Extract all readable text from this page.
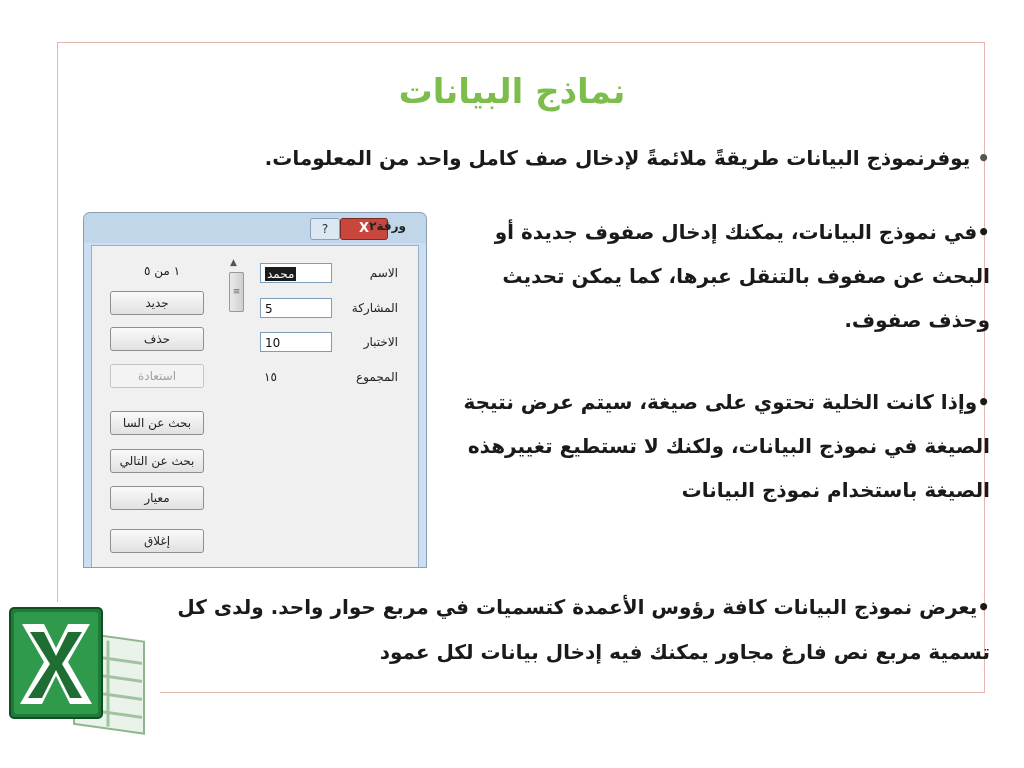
نماذج البيانات
• يوفرنموذج البيانات طريقةً ملائمةً لإدخال صف كامل واحد من المعلومات.
•في نموذج البيانات، يمكنك إدخال صفوف جديدة أو البحث عن صفوف بالتنقل عبرها، كما يمكن تحديث وحذف صفوف.
•وإذا كانت الخلية تحتوي على صيغة، سيتم عرض نتيجة الصيغة في نموذج البيانات، ولكنك لا تستطيع تغييرهذه الصيغة باستخدام نموذج البيانات
•يعرض نموذج البيانات كافة رؤوس الأعمدة كتسميات في مربع حوار واحد. ولدى كل تسمية مربع نص فارغ مجاور يمكنك فيه إدخال بيانات لكل عمود
X
?	ورقة٢
١ من ٥
جديد
حذف
استعادة
بحث عن السا
بحث عن التالي
معيار
إغلاق
▲
≡
الاسم
محمد
المشاركة
5
الاختبار
10
المجموع
١٥
